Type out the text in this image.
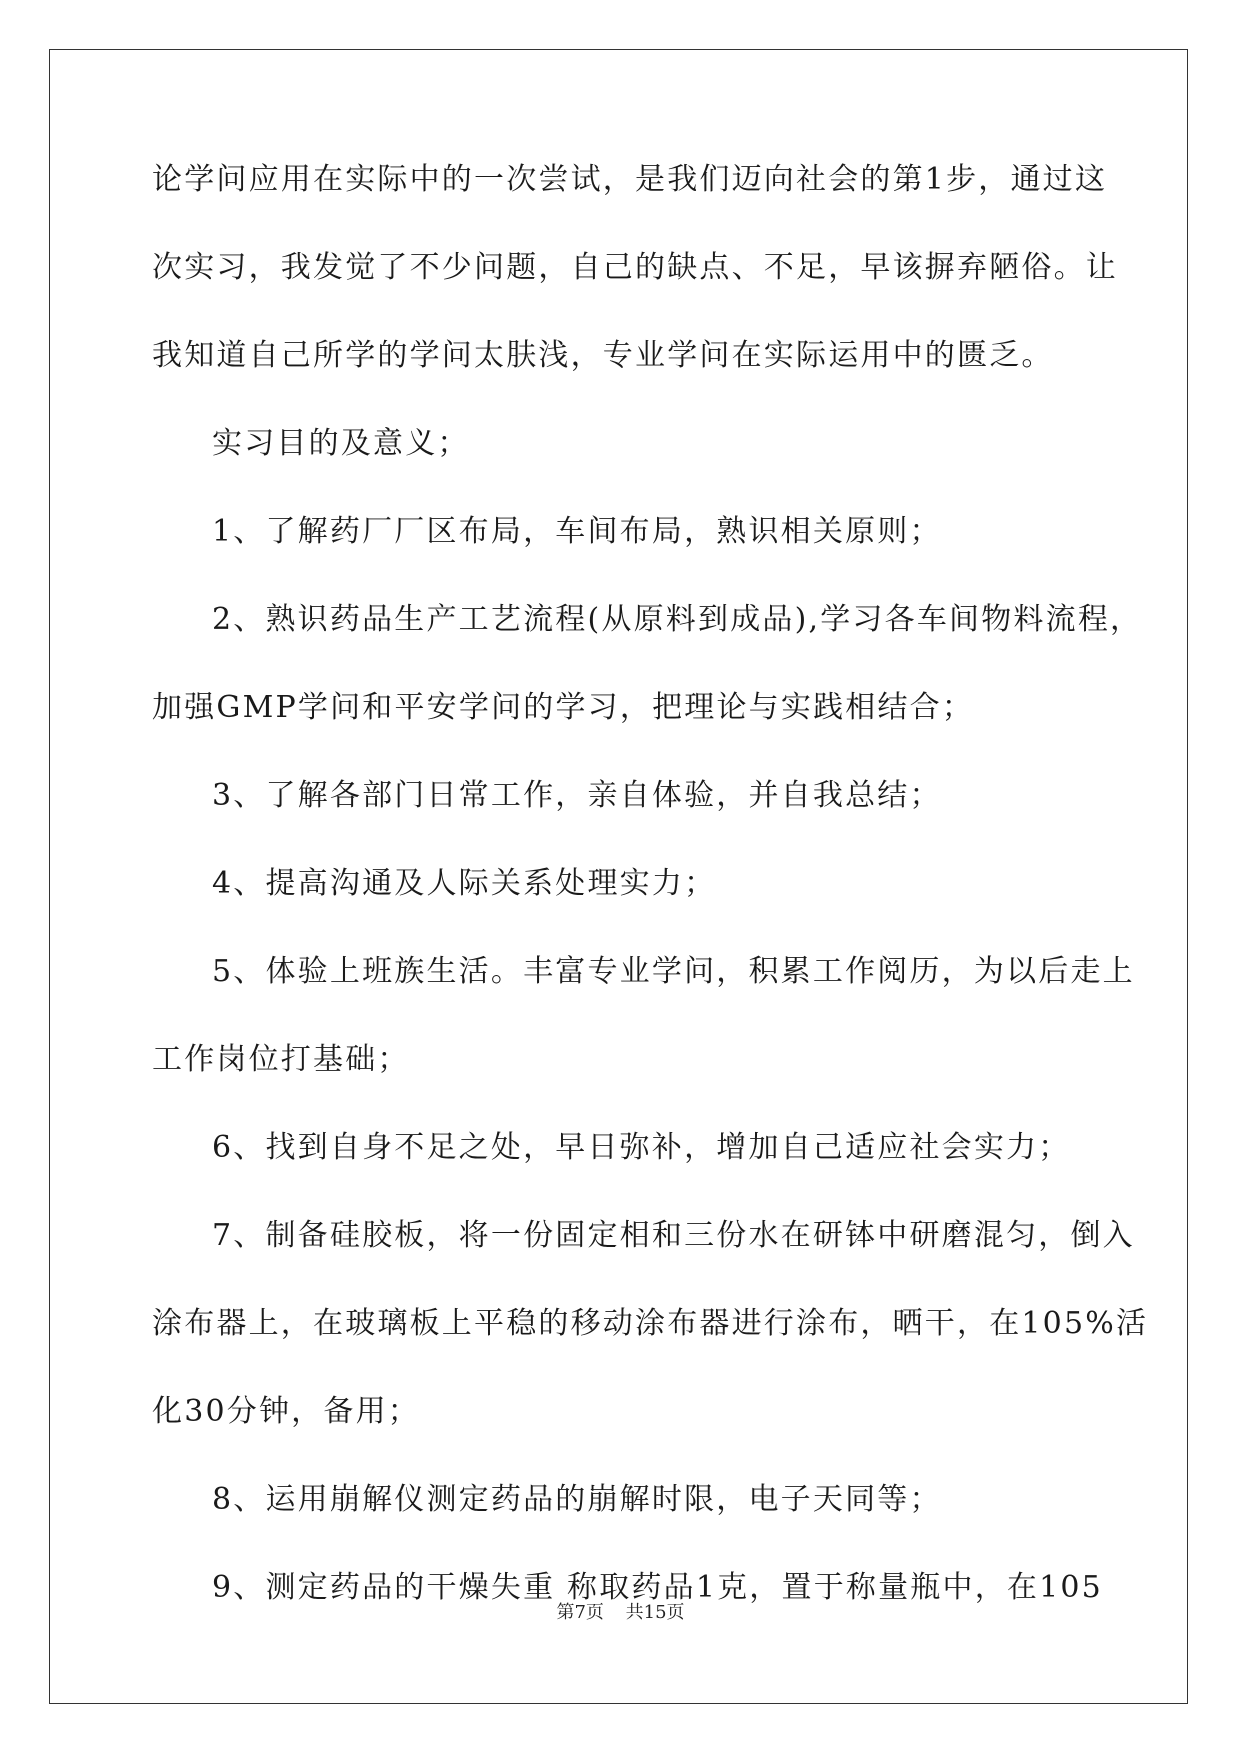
论学问应用在实际中的一次尝试，是我们迈向社会的第1步，通过这
次实习，我发觉了不少问题，自己的缺点、不足，早该摒弃陋俗。让
我知道自己所学的学问太肤浅，专业学问在实际运用中的匮乏。
实习目的及意义；
1、了解药厂厂区布局，车间布局，熟识相关原则；
2、熟识药品生产工艺流程(从原料到成品),学习各车间物料流程，
加强GMP学问和平安学问的学习，把理论与实践相结合；
3、了解各部门日常工作，亲自体验，并自我总结；
4、提高沟通及人际关系处理实力；
5、体验上班族生活。丰富专业学问，积累工作阅历，为以后走上
工作岗位打基础；
6、找到自身不足之处，早日弥补，增加自己适应社会实力；
7、制备硅胶板，将一份固定相和三份水在研钵中研磨混匀，倒入
涂布器上，在玻璃板上平稳的移动涂布器进行涂布，晒干，在105%活
化30分钟，备用；
8、运用崩解仪测定药品的崩解时限，电子天同等；
9、测定药品的干燥失重 称取药品1克，置于称量瓶中，在105
第7页 共15页
